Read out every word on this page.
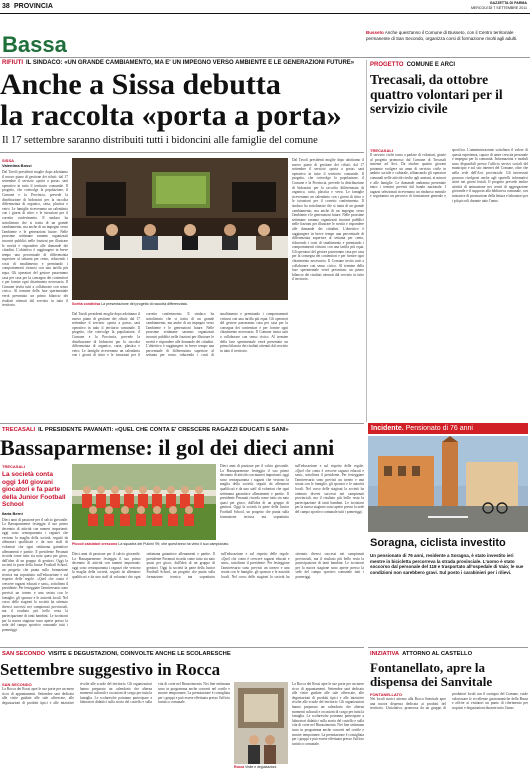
38 PROVINCIA	GAZZETTA DI PARMA
MERCOLEDÌ 7 SETTEMBRE 2011
Bassa	Busseto Anche quest'anno il Comune di Busseto, con il Centro territoriale permanente di San Secondo, organizza corsi di formazione rivolti agli adulti.
RIFIUTI IL SINDACO: «UN GRANDE CAMBIAMENTO, MA E' UN IMPEGNO VERSO AMBIENTE E LE GENERAZIONI FUTURE»
Anche a Sissa debutta
la raccolta «porta a porta»
Il 17 settembre saranno distribuiti tutti i bidoncini alle famiglie del comune
SISSA
Valentina Bossi
Dal Tavoli presidenti moglie dopo adottiamo il nuovo piano di gestione dei rifiuti: dal 17 settembre il servizio «porta a porta» sarà operativo in tutto il territorio comunale. Il progetto, che coinvolge la popolazione, il Comune e la Provincia, prevede la distribuzione di bidoncini per la raccolta differenziata di organico, carta, plastica e vetro. Le famiglie riceveranno un calendario con i giorni di ritiro e le istruzioni per il corretto conferimento. Il sindaco ha sottolineato che si tratta di un grande cambiamento, ma anche di un impegno verso l'ambiente e le generazioni future. Nelle prossime settimane saranno organizzati incontri pubblici nelle frazioni per illustrare le novità e rispondere alle domande dei cittadini. L'obiettivo è raggiungere in breve tempo una percentuale di differenziata superiore al settanta per cento, riducendo i costi di smaltimento e premiando i comportamenti virtuosi con una tariffa più equa. Gli operatori del gestore passeranno casa per casa per la consegna dei contenitori e per fornire ogni chiarimento necessario. Il Comune invita tutti a collaborare con senso civico. Al termine della fase sperimentale verrà presentato un primo bilancio dei risultati ottenuti dal servizio in tutto il territorio.
Dal Tavoli presidenti moglie dopo adottiamo il nuovo piano di gestione dei rifiuti: dal 17 settembre il servizio «porta a porta» sarà operativo in tutto il territorio comunale. Il progetto, che coinvolge la popolazione, il Comune e la Provincia, prevede la distribuzione di bidoncini per la raccolta differenziata di organico, carta, plastica e vetro. Le famiglie riceveranno un calendario con i giorni di ritiro e le istruzioni per il corretto conferimento. Il sindaco ha sottolineato che si tratta di un grande cambiamento, ma anche di un impegno verso l'ambiente e le generazioni future. Nelle prossime settimane saranno organizzati incontri pubblici nelle frazioni per illustrare le novità e rispondere alle domande dei cittadini. L'obiettivo è raggiungere in breve tempo una percentuale di differenziata superiore al settanta per cento, riducendo i costi di smaltimento e premiando i comportamenti virtuosi con una tariffa più equa. Gli operatori del gestore passeranno casa per casa per la consegna dei contenitori e per fornire ogni chiarimento necessario. Il Comune invita tutti a collaborare con senso civico. Al termine della fase sperimentale verrà presentato un primo bilancio dei risultati ottenuti dal servizio in tutto il territorio.
Scelta condivisa La presentazione del progetto di raccolta differenziata.
Dal Tavoli presidenti moglie dopo adottiamo il nuovo piano di gestione dei rifiuti: dal 17 settembre il servizio «porta a porta» sarà operativo in tutto il territorio comunale. Il progetto, che coinvolge la popolazione, il Comune e la Provincia, prevede la distribuzione di bidoncini per la raccolta differenziata di organico, carta, plastica e vetro. Le famiglie riceveranno un calendario con i giorni di ritiro e le istruzioni per il corretto conferimento. Il sindaco ha sottolineato che si tratta di un grande cambiamento, ma anche di un impegno verso l'ambiente e le generazioni future. Nelle prossime settimane saranno organizzati incontri pubblici nelle frazioni per illustrare le novità e rispondere alle domande dei cittadini. L'obiettivo è raggiungere in breve tempo una percentuale di differenziata superiore al settanta per cento, riducendo i costi di smaltimento e premiando i comportamenti virtuosi con una tariffa più equa. Gli operatori del gestore passeranno casa per casa per la consegna dei contenitori e per fornire ogni chiarimento necessario. Il Comune invita tutti a collaborare con senso civico. Al termine della fase sperimentale verrà presentato un primo bilancio dei risultati ottenuti dal servizio in tutto il territorio.
PROGETTO COMUNE E ARCI
Trecasali, da ottobre quattro volontari per il servizio civile
TRECASALI
Il servizio civile torna a parlare di volontari, grazie al progetto promosso dal Comune di Trecasali insieme ad Arci. Da ottobre quattro giovani potranno svolgere un anno di servizio civile in ambito sociale e culturale, affiancando gli operatori comunali nelle attività rivolte agli anziani, ai minori e alle famiglie. Le domande andranno presentate entro i termini previsti dal bando nazionale. I ragazzi selezionati riceveranno un rimborso mensile e seguiranno un percorso di formazione generale e specifica. L'amministrazione sottolinea il valore di questa esperienza, capace di unire crescita personale e impegno per la comunità. Informazioni e moduli sono disponibili presso l'ufficio servizi sociali del municipio e sul sito internet del Comune, oltre che nella sede dell'Arci provinciale. Gli interessati possono rivolgersi anche agli sportelli informativi attivi nei giorni feriali. Il progetto prevede inoltre attività di animazione nei centri di aggregazione giovanile e il supporto alla biblioteca comunale, con iniziative di promozione della lettura e laboratori per i più piccoli durante tutto l'anno.
TRECASALI IL PRESIDENTE PAVANATI: «QUEL CHE CONTA E' CRESCERE RAGAZZI EDUCATI E SANI»
Bassaparmense: il gol dei dieci anni
TRECASALI
La società conta oggi 140 giovani giocatori e fa parte della Junior Football School
Ilaria Berni
Dieci anni di passione per il calcio giovanile. La Bassaparmense festeggia il suo primo decennio di attività con numeri importanti: oggi sono centoquaranta i ragazzi che vestono la maglia della società, seguiti da allenatori qualificati e da uno staff di volontari che ogni settimana garantisce allenamenti e partite. Il presidente Pavanati ricorda come tutto sia nato quasi per gioco, dall'idea di un gruppo di genitori. Oggi la società fa parte della Junior Football School, un progetto che punta sulla formazione tecnica ma soprattutto sull'educazione e sul rispetto delle regole. «Quel che conta è crescere ragazzi educati e sani», sottolinea il presidente. Per festeggiare l'anniversario sono previsti un torneo e una serata con le famiglie, gli sponsor e le autorità locali. Nel corso delle stagioni la società ha ottenuto diversi successi nei campionati provinciali, ma il risultato più bello resta la partecipazione di tanti bambini. Le iscrizioni per la nuova stagione sono aperte presso la sede del campo sportivo comunale tutti i pomeriggi.
Piccoli calciatori crescono La squadra dei Pulcini '99, che quest'anno ha vinto il suo campionato.
Dieci anni di passione per il calcio giovanile. La Bassaparmense festeggia il suo primo decennio di attività con numeri importanti: oggi sono centoquaranta i ragazzi che vestono la maglia della società, seguiti da allenatori qualificati e da uno staff di volontari che ogni settimana garantisce allenamenti e partite. Il presidente Pavanati ricorda come tutto sia nato quasi per gioco, dall'idea di un gruppo di genitori. Oggi la società fa parte della Junior Football School, un progetto che punta sulla formazione tecnica ma soprattutto sull'educazione e sul rispetto delle regole. «Quel che conta è crescere ragazzi educati e sani», sottolinea il presidente. Per festeggiare l'anniversario sono previsti un torneo e una serata con le famiglie, gli sponsor e le autorità locali. Nel corso delle stagioni la società ha ottenuto diversi successi nei campionati provinciali, ma il risultato più bello resta la partecipazione di tanti bambini. Le iscrizioni per la nuova stagione sono aperte presso la sede del campo sportivo comunale tutti i pomeriggi.
Dieci anni di passione per il calcio giovanile. La Bassaparmense festeggia il suo primo decennio di attività con numeri importanti: oggi sono centoquaranta i ragazzi che vestono la maglia della società, seguiti da allenatori qualificati e da uno staff di volontari che ogni settimana garantisce allenamenti e partite. Il presidente Pavanati ricorda come tutto sia nato quasi per gioco, dall'idea di un gruppo di genitori. Oggi la società fa parte della Junior Football School, un progetto che punta sulla formazione tecnica ma soprattutto sull'educazione e sul rispetto delle regole. «Quel che conta è crescere ragazzi educati e sani», sottolinea il presidente. Per festeggiare l'anniversario sono previsti un torneo e una serata con le famiglie, gli sponsor e le autorità locali. Nel corso delle stagioni la società ha ottenuto diversi successi nei campionati provinciali, ma il risultato più bello resta la partecipazione di tanti bambini. Le iscrizioni per la nuova stagione sono aperte presso la sede del campo sportivo comunale tutti i pomeriggi.
Incidente. Pensionato di 76 anni
Soragna, ciclista investito
Un pensionato di 76 anni, residente a Soragna, è stato investito ieri mentre in bicicletta percorreva la strada provinciale. L'uomo è stato soccorso dal personale del 118 e trasportato all'ospedale di Vaio; le sue condizioni non sarebbero gravi. Sul posto i carabinieri per i rilievi.
SAN SECONDO VISITE E DEGUSTAZIONI, COINVOLTE ANCHE LE SCOLARESCHE
Settembre suggestivo in Rocca
SAN SECONDO
La Rocca dei Rossi apre le sue porte per un mese ricco di appuntamenti. Settembre sarà dedicato alle visite guidate alle sale affrescate, alle degustazioni di prodotti tipici e alle iniziative rivolte alle scuole del territorio. Gli organizzatori hanno preparato un calendario che alterna momenti culturali e occasioni di svago per tutta la famiglia. Le scolaresche potranno partecipare a laboratori didattici sulla storia del castello e sulla vita di corte nel Rinascimento. Nei fine settimana sono in programma anche concerti nel cortile e mostre temporanee. La prenotazione è consigliata per i gruppi e può essere effettuata presso l'ufficio turistico comunale.
Rocca Visite e degustazioni.
La Rocca dei Rossi apre le sue porte per un mese ricco di appuntamenti. Settembre sarà dedicato alle visite guidate alle sale affrescate, alle degustazioni di prodotti tipici e alle iniziative rivolte alle scuole del territorio. Gli organizzatori hanno preparato un calendario che alterna momenti culturali e occasioni di svago per tutta la famiglia. Le scolaresche potranno partecipare a laboratori didattici sulla storia del castello e sulla vita di corte nel Rinascimento. Nei fine settimana sono in programma anche concerti nel cortile e mostre temporanee. La prenotazione è consigliata per i gruppi e può essere effettuata presso l'ufficio turistico comunale.
INIZIATIVA ATTORNO AL CASTELLO
Fontanellato, apre la dispensa dei Sanvitale
FONTANELLATO
Nei locali storici attorno alla Rocca Sanvitale apre una nuova dispensa dedicata ai prodotti del territorio. L'iniziativa, promossa da un gruppo di produttori locali con il sostegno del Comune, vuole valorizzare le eccellenze gastronomiche della Bassa e offrire ai visitatori un punto di riferimento per acquisti e degustazioni durante tutto l'anno.
